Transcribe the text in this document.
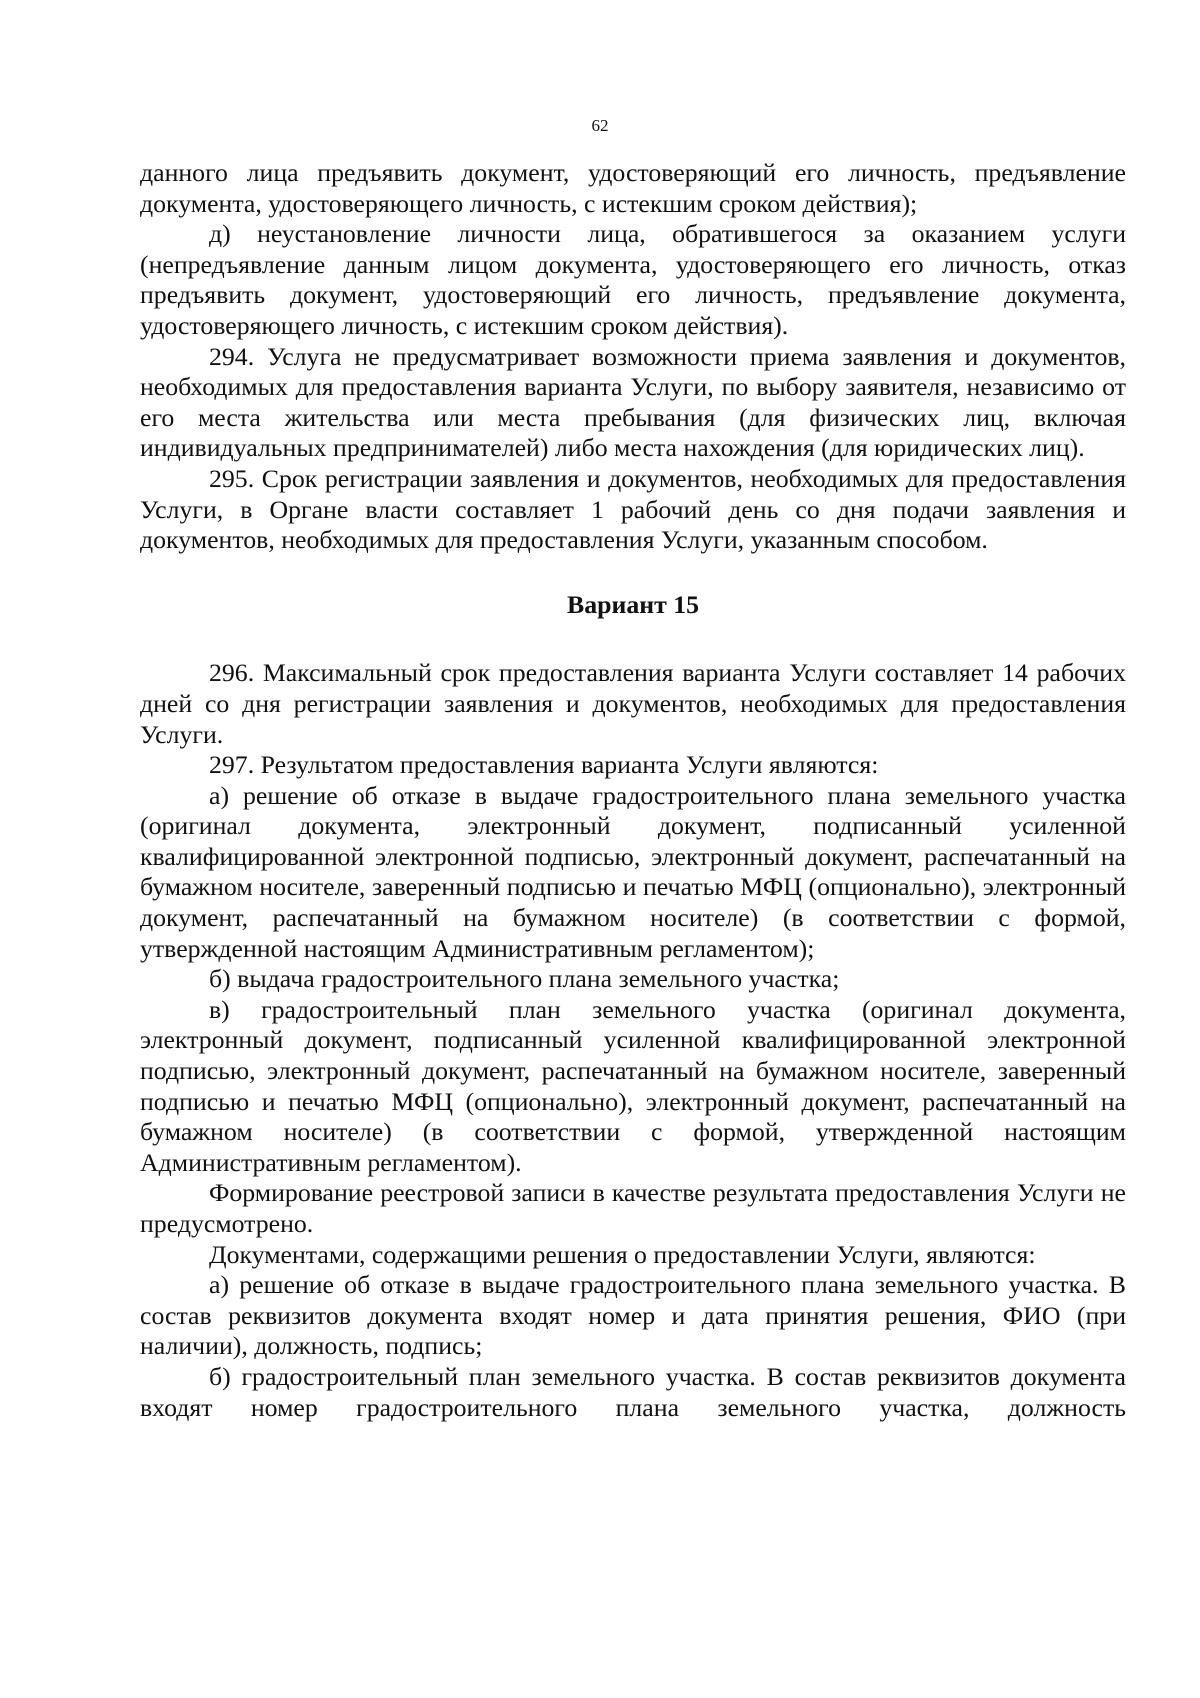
62

данного лица предъявить документ, удостоверяющий его личность, предъявление документа, удостоверяющего личность, с истекшим сроком действия);

д) неустановление личности лица, обратившегося за оказанием услуги (непредъявление данным лицом документа, удостоверяющего его личность, отказ предъявить документ, удостоверяющий его личность, предъявление документа, удостоверяющего личность, с истекшим сроком действия).

294. Услуга не предусматривает возможности приема заявления и документов, необходимых для предоставления варианта Услуги, по выбору заявителя, независимо от его места жительства или места пребывания (для физических лиц, включая индивидуальных предпринимателей) либо места нахождения (для юридических лиц).

295. Срок регистрации заявления и документов, необходимых для предоставления Услуги, в Органе власти составляет 1 рабочий день со дня подачи заявления и документов, необходимых для предоставления Услуги, указанным способом.

Вариант 15

296. Максимальный срок предоставления варианта Услуги составляет 14 рабочих дней со дня регистрации заявления и документов, необходимых для предоставления Услуги.

297. Результатом предоставления варианта Услуги являются:

а) решение об отказе в выдаче градостроительного плана земельного участка (оригинал документа, электронный документ, подписанный усиленной квалифицированной электронной подписью, электронный документ, распечатанный на бумажном носителе, заверенный подписью и печатью МФЦ (опционально), электронный документ, распечатанный на бумажном носителе) (в соответствии с формой, утвержденной настоящим Административным регламентом);

б) выдача градостроительного плана земельного участка;

в) градостроительный план земельного участка (оригинал документа, электронный документ, подписанный усиленной квалифицированной электронной подписью, электронный документ, распечатанный на бумажном носителе, заверенный подписью и печатью МФЦ (опционально), электронный документ, распечатанный на бумажном носителе) (в соответствии с формой, утвержденной настоящим Административным регламентом).

Формирование реестровой записи в качестве результата предоставления Услуги не предусмотрено.

Документами, содержащими решения о предоставлении Услуги, являются:

а) решение об отказе в выдаче градостроительного плана земельного участка. В состав реквизитов документа входят номер и дата принятия решения, ФИО (при наличии), должность, подпись;

б) градостроительный план земельного участка. В состав реквизитов документа входят номер градостроительного плана земельного участка, должность
